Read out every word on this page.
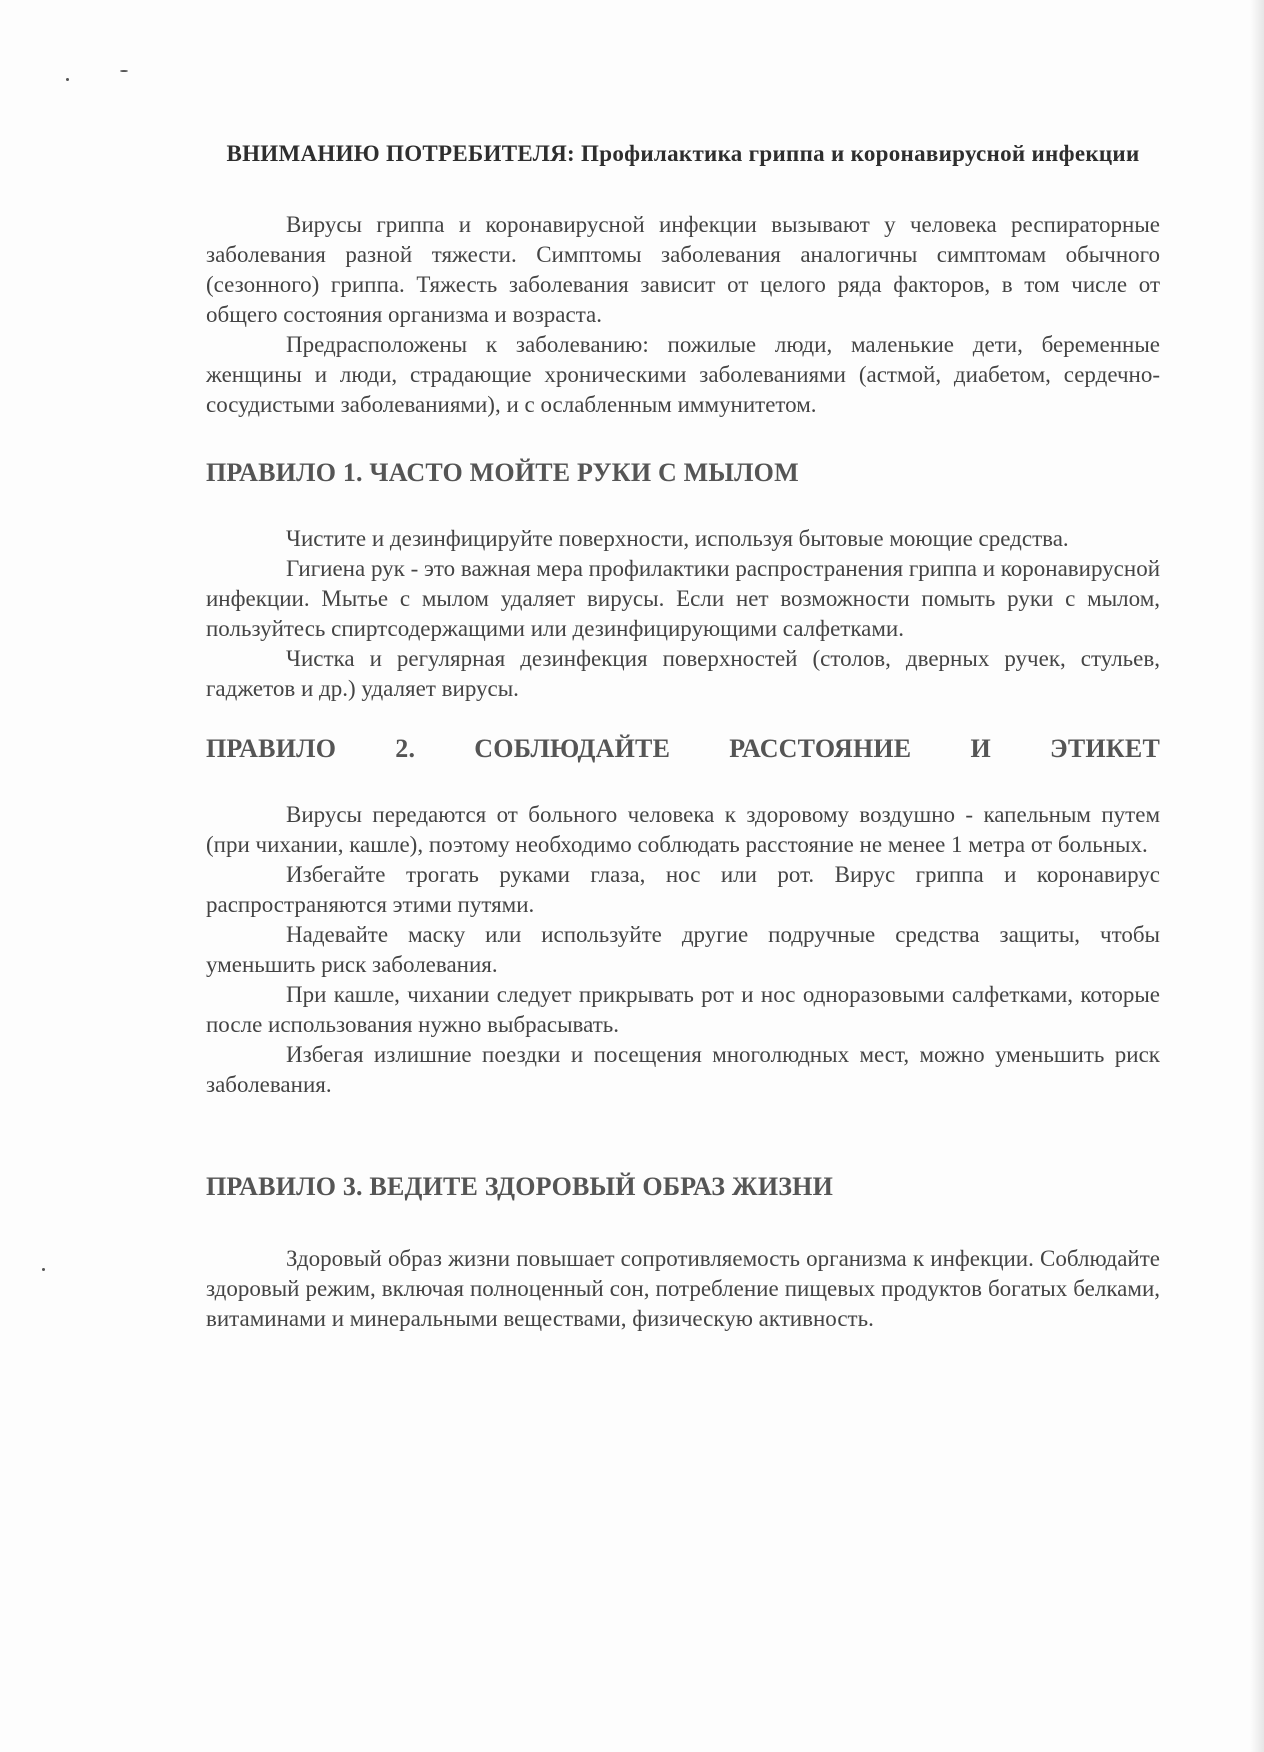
ВНИМАНИЮ ПОТРЕБИТЕЛЯ: Профилактика гриппа и коронавирусной инфекции

Вирусы гриппа и коронавирусной инфекции вызывают у человека респираторные заболевания разной тяжести. Симптомы заболевания аналогичны симптомам обычного (сезонного) гриппа. Тяжесть заболевания зависит от целого ряда факторов, в том числе от общего состояния организма и возраста.

Предрасположены к заболеванию: пожилые люди, маленькие дети, беременные женщины и люди, страдающие хроническими заболеваниями (астмой, диабетом, сердечно-сосудистыми заболеваниями), и с ослабленным иммунитетом.

ПРАВИЛО 1. ЧАСТО МОЙТЕ РУКИ С МЫЛОМ

Чистите и дезинфицируйте поверхности, используя бытовые моющие средства.

Гигиена рук - это важная мера профилактики распространения гриппа и коронавирусной инфекции. Мытье с мылом удаляет вирусы. Если нет возможности помыть руки с мылом, пользуйтесь спиртсодержащими или дезинфицирующими салфетками.

Чистка и регулярная дезинфекция поверхностей (столов, дверных ручек, стульев, гаджетов и др.) удаляет вирусы.

ПРАВИЛО 2. СОБЛЮДАЙТЕ РАССТОЯНИЕ И ЭТИКЕТ

Вирусы передаются от больного человека к здоровому воздушно - капельным путем (при чихании, кашле), поэтому необходимо соблюдать расстояние не менее 1 метра от больных.

Избегайте трогать руками глаза, нос или рот. Вирус гриппа и коронавирус распространяются этими путями.

Надевайте маску или используйте другие подручные средства защиты, чтобы уменьшить риск заболевания.

При кашле, чихании следует прикрывать рот и нос одноразовыми салфетками, которые после использования нужно выбрасывать.

Избегая излишние поездки и посещения многолюдных мест, можно уменьшить риск заболевания.

ПРАВИЛО 3. ВЕДИТЕ ЗДОРОВЫЙ ОБРАЗ ЖИЗНИ

Здоровый образ жизни повышает сопротивляемость организма к инфекции. Соблюдайте здоровый режим, включая полноценный сон, потребление пищевых продуктов богатых белками, витаминами и минеральными веществами, физическую активность.
